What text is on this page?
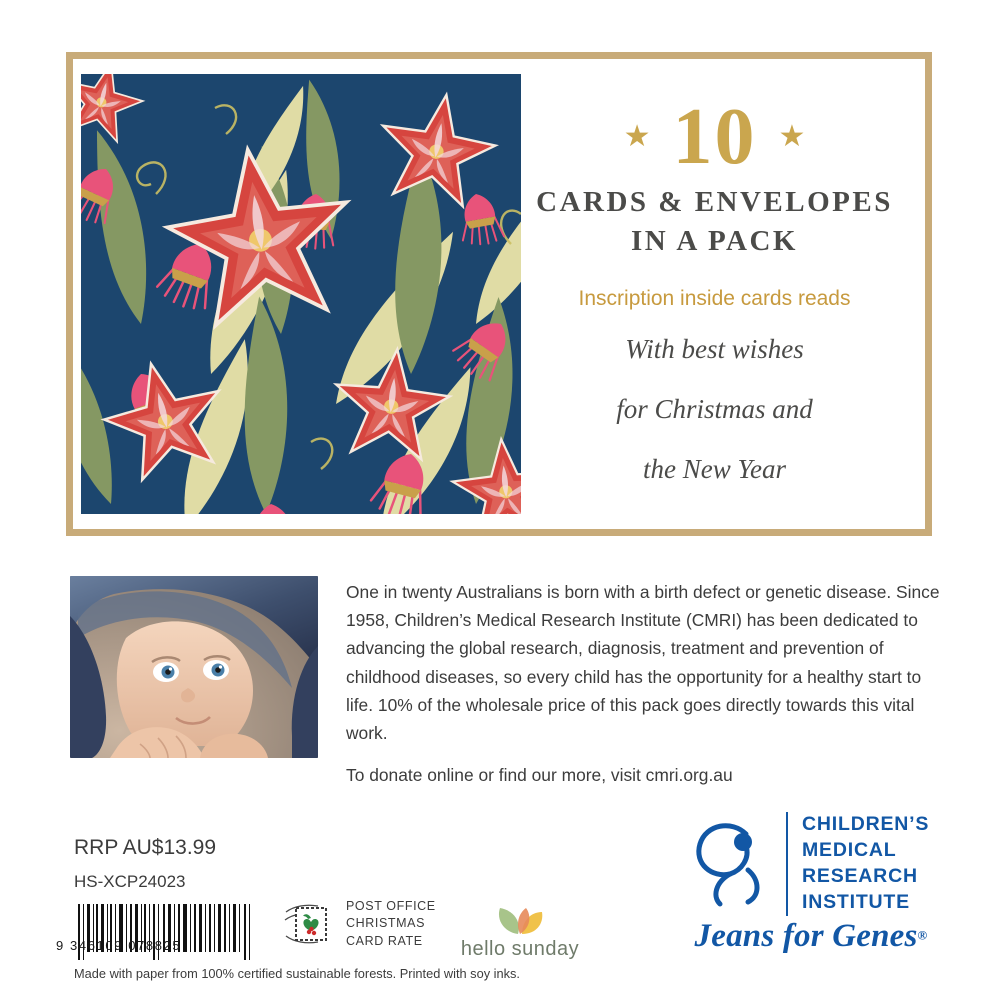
★ 10 ★
CARDS & ENVELOPES
IN A PACK
Inscription inside cards reads
With best wishes
for Christmas and
the New Year

One in twenty Australians is born with a birth defect or genetic disease. Since 1958, Children’s Medical Research Institute (CMRI) has been dedicated to advancing the global research, diagnosis, treatment and prevention of childhood diseases, so every child has the opportunity for a healthy start to life. 10% of the wholesale price of this pack goes directly towards this vital work.

To donate online or find our more, visit cmri.org.au

RRP AU$13.99
HS-XCP24023
9 346109 078825
POST OFFICE
CHRISTMAS
CARD RATE	hello sunday
CHILDREN’S
MEDICAL
RESEARCH
INSTITUTE
Jeans for Genes®
Made with paper from 100% certified sustainable forests. Printed with soy inks.
